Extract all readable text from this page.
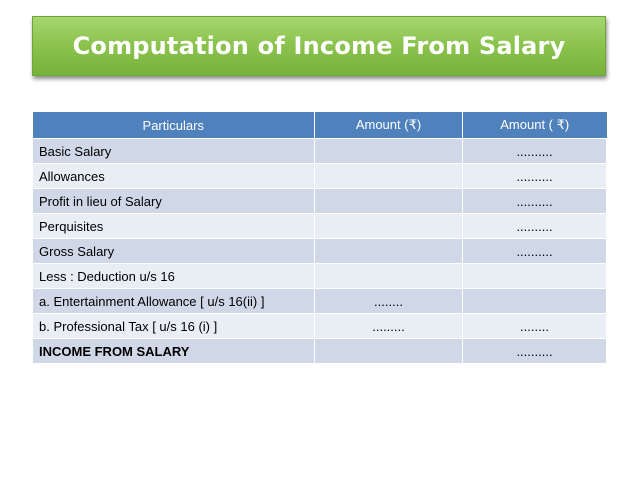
Computation of Income From Salary
Particulars	Amount (₹)	Amount ( ₹)
Basic Salary		..........
Allowances		..........
Profit in lieu of Salary		..........
Perquisites		..........
Gross Salary		..........
Less : Deduction u/s 16		
a. Entertainment Allowance [ u/s 16(ii) ]	........	
b. Professional Tax [ u/s 16 (i) ]	.........	........
INCOME FROM SALARY		..........
